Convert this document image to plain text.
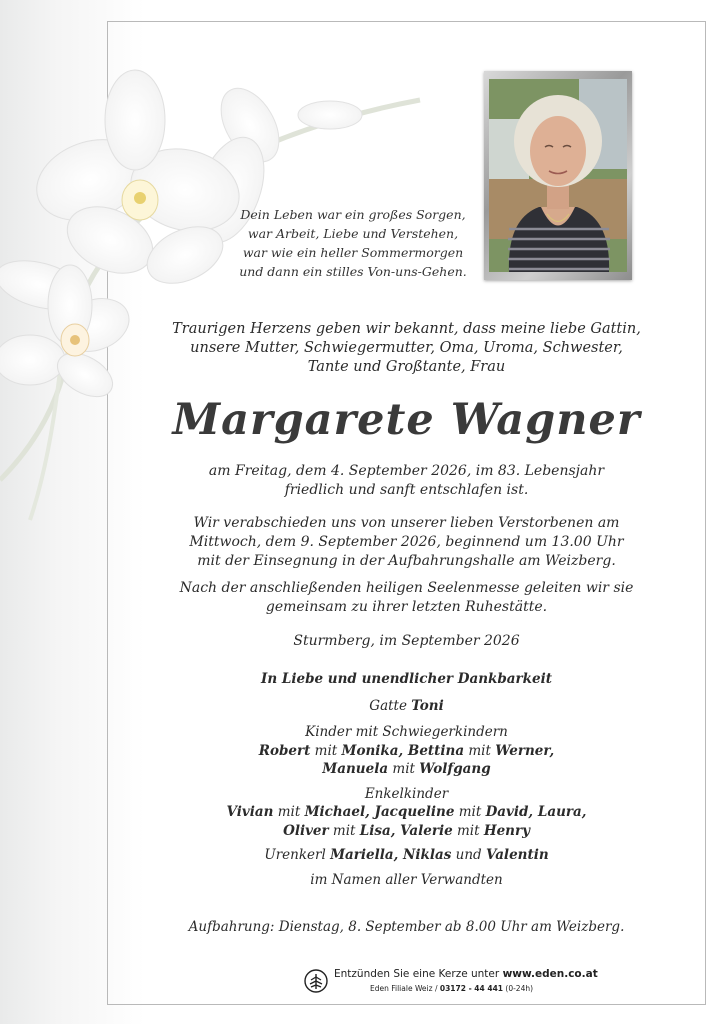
Dein Leben war ein großes Sorgen,
war Arbeit, Liebe und Verstehen,
war wie ein heller Sommermorgen
und dann ein stilles Von-uns-Gehen.
Traurigen Herzens geben wir bekannt, dass meine liebe Gattin,
unsere Mutter, Schwiegermutter, Oma, Uroma, Schwester,
Tante und Großtante, Frau
Margarete Wagner
am Freitag, dem 4. September 2026, im 83. Lebensjahr
friedlich und sanft entschlafen ist.
Wir verabschieden uns von unserer lieben Verstorbenen am
Mittwoch, dem 9. September 2026, beginnend um 13.00 Uhr
mit der Einsegnung in der Aufbahrungshalle am Weizberg.
Nach der anschließenden heiligen Seelenmesse geleiten wir sie
gemeinsam zu ihrer letzten Ruhestätte.
Sturmberg, im September 2026
In Liebe und unendlicher Dankbarkeit
Gatte Toni
Kinder mit Schwiegerkindern
Robert mit Monika, Bettina mit Werner,
Manuela mit Wolfgang
Enkelkinder
Vivian mit Michael, Jacqueline mit David, Laura,
Oliver mit Lisa, Valerie mit Henry
Urenkerl Mariella, Niklas und Valentin
im Namen aller Verwandten
Aufbahrung: Dienstag, 8. September ab 8.00 Uhr am Weizberg.
Entzünden Sie eine Kerze unter www.eden.co.at
Eden Filiale Weiz / 03172 - 44 441 (0-24h)
